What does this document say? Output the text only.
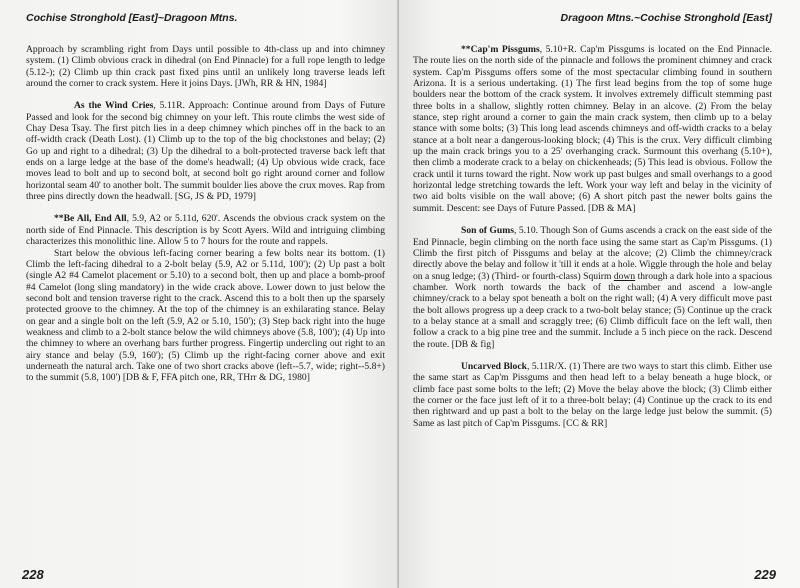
Cochise Stronghold [East]~Dragoon Mtns.

Approach by scrambling right from Days until possible to 4th-class up and into chimney system. (1) Climb obvious crack in dihedral (on End Pinnacle) for a full rope length to ledge (5.12-); (2) Climb up thin crack past fixed pins until an unlikely long traverse leads left around the corner to crack system. Here it joins Days. [JWh, RR & HN, 1984]

As the Wind Cries, 5.11R. Approach: Continue around from Days of Future Passed and look for the second big chimney on your left. This route climbs the west side of Chay Desa Tsay. The first pitch lies in a deep chimney which pinches off in the back to an off-width crack (Death Lost). (1) Climb up to the top of the big chockstones and belay; (2) Go up and right to a dihedral; (3) Up the dihedral to a bolt-protected traverse back left that ends on a large ledge at the base of the dome's headwall; (4) Up obvious wide crack, face moves lead to bolt and up to second bolt, at second bolt go right around corner and follow horizontal seam 40' to another bolt. The summit boulder lies above the crux moves. Rap from three pins directly down the headwall. [SG, JS & PD, 1979]

**Be All, End All, 5.9, A2 or 5.11d, 620'. Ascends the obvious crack system on the north side of End Pinnacle. This description is by Scott Ayers. Wild and intriguing climbing characterizes this monolithic line. Allow 5 to 7 hours for the route and rappels.

Start below the obvious left-facing corner bearing a few bolts near its bottom. (1) Climb the left-facing dihedral to a 2-bolt belay (5.9, A2 or 5.11d, 100'); (2) Up past a bolt (single A2 #4 Camelot placement or 5.10) to a second bolt, then up and place a bomb-proof #4 Camelot (long sling mandatory) in the wide crack above. Lower down to just below the second bolt and tension traverse right to the crack. Ascend this to a bolt then up the sparsely protected groove to the chimney. At the top of the chimney is an exhilarating stance. Belay on gear and a single bolt on the left (5.9, A2 or 5.10, 150'); (3) Step back right into the huge weakness and climb to a 2-bolt stance below the wild chimneys above (5.8, 100'); (4) Up into the chimney to where an overhang bars further progress. Fingertip undercling out right to an airy stance and belay (5.9, 160'); (5) Climb up the right-facing corner above and exit underneath the natural arch. Take one of two short cracks above (left--5.7, wide; right--5.8+) to the summit (5.8, 100') [DB & F, FFA pitch one, RR, THrr & DG, 1980]

228
Dragoon Mtns.~Cochise Stronghold [East]

**Cap'm Pissgums, 5.10+R. Cap'm Pissgums is located on the End Pinnacle. The route lies on the north side of the pinnacle and follows the prominent chimney and crack system. Cap'm Pissgums offers some of the most spectacular climbing found in southern Arizona. It is a serious undertaking. (1) The first lead begins from the top of some huge boulders near the bottom of the crack system. It involves extremely difficult stemming past three bolts in a shallow, slightly rotten chimney. Belay in an alcove. (2) From the belay stance, step right around a corner to gain the main crack system, then climb up to a belay stance with some bolts; (3) This long lead ascends chimneys and off-width cracks to a belay stance at a bolt near a dangerous-looking block; (4) This is the crux. Very difficult climbing up the main crack brings you to a 25' overhanging crack. Surmount this overhang (5.10+), then climb a moderate crack to a belay on chickenheads; (5) This lead is obvious. Follow the crack until it turns toward the right. Now work up past bulges and small overhangs to a good horizontal ledge stretching towards the left. Work your way left and belay in the vicinity of two aid bolts visible on the wall above; (6) A short pitch past the newer bolts gains the summit. Descent: see Days of Future Passed. [DB & MA]

Son of Gums, 5.10. Though Son of Gums ascends a crack on the east side of the End Pinnacle, begin climbing on the north face using the same start as Cap'm Pissgums. (1) Climb the first pitch of Pissgums and belay at the alcove; (2) Climb the chimney/crack directly above the belay and follow it 'till it ends at a hole. Wiggle through the hole and belay on a snug ledge; (3) (Third- or fourth-class) Squirm down through a dark hole into a spacious chamber. Work north towards the back of the chamber and ascend a low-angle chimney/crack to a belay spot beneath a bolt on the right wall; (4) A very difficult move past the bolt allows progress up a deep crack to a two-bolt belay stance; (5) Continue up the crack to a belay stance at a small and scraggly tree; (6) Climb difficult face on the left wall, then follow a crack to a big pine tree and the summit. Include a 5 inch piece on the rack. Descend the route. [DB & fig]

Uncarved Block, 5.11R/X. (1) There are two ways to start this climb. Either use the same start as Cap'm Pissgums and then head left to a belay beneath a huge block, or climb face past some bolts to the left; (2) Move the belay above the block; (3) Climb either the corner or the face just left of it to a three-bolt belay; (4) Continue up the crack to its end then rightward and up past a bolt to the belay on the large ledge just below the summit. (5) Same as last pitch of Cap'm Pissgums. [CC & RR]

229
